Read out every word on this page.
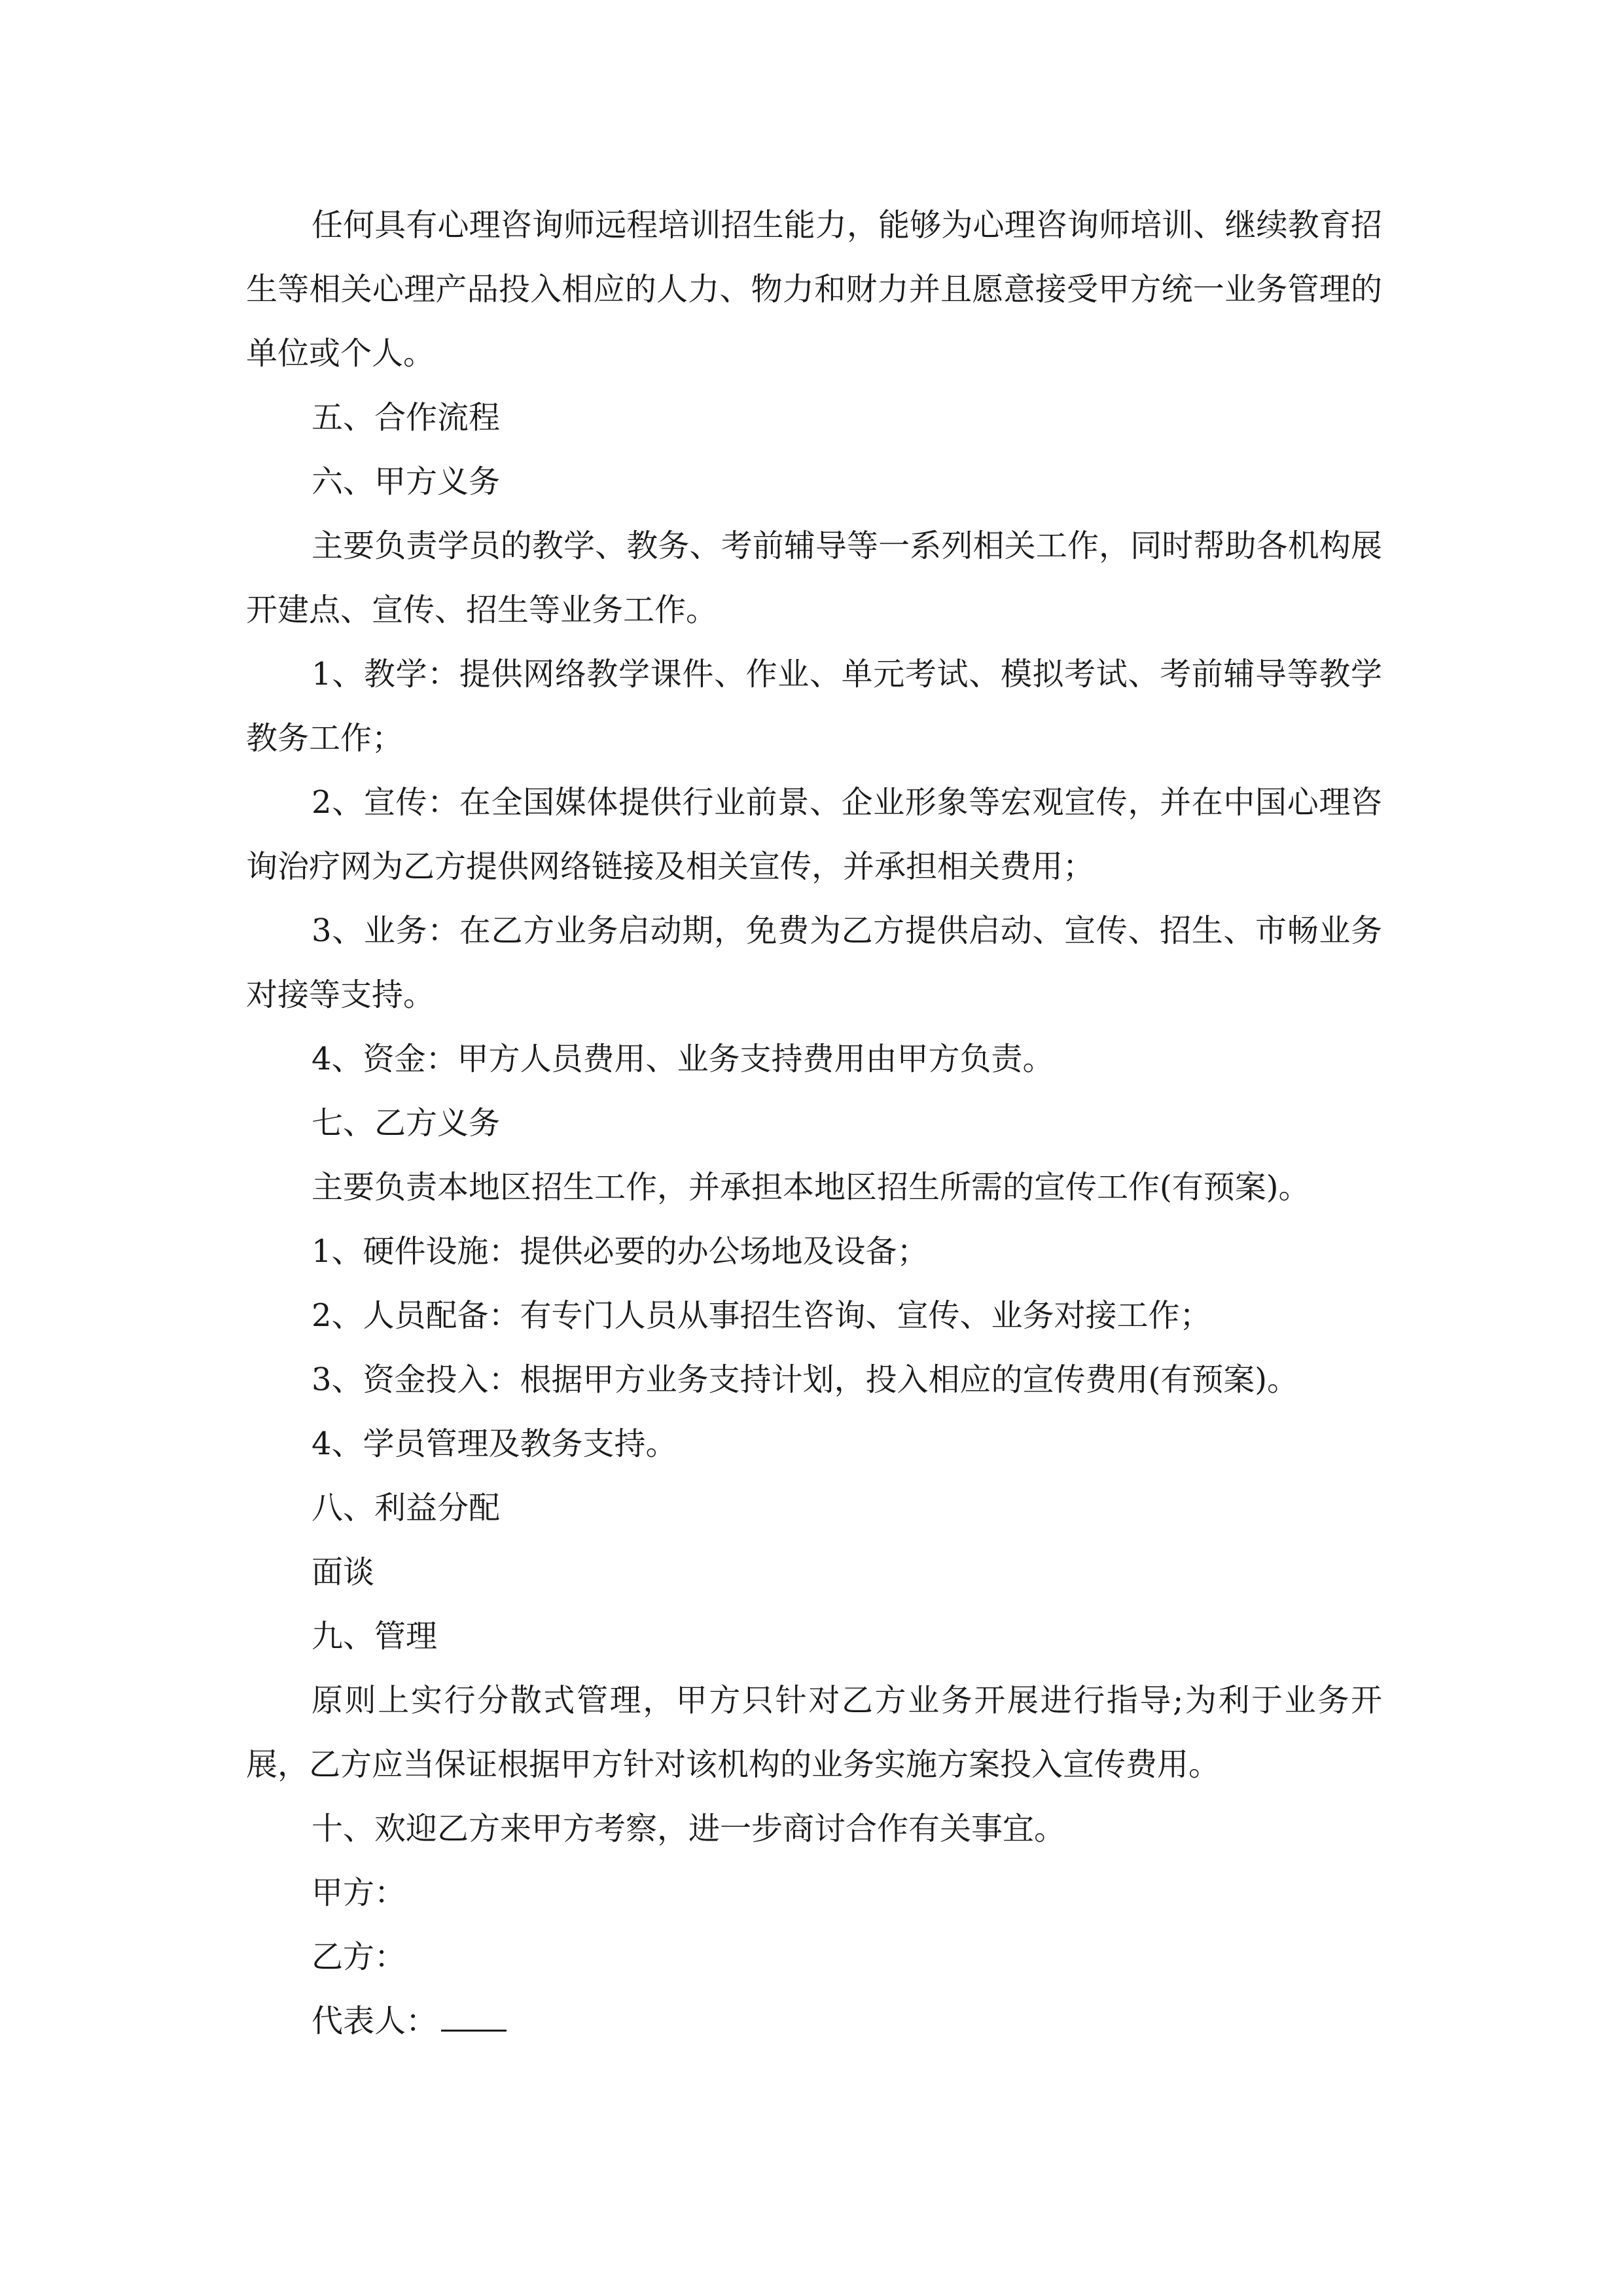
任何具有心理咨询师远程培训招生能力，能够为心理咨询师培训、继续教育招生等相关心理产品投入相应的人力、物力和财力并且愿意接受甲方统一业务管理的单位或个人。

五、合作流程

六、甲方义务

主要负责学员的教学、教务、考前辅导等一系列相关工作，同时帮助各机构展开建点、宣传、招生等业务工作。

1、教学：提供网络教学课件、作业、单元考试、模拟考试、考前辅导等教学教务工作；

2、宣传：在全国媒体提供行业前景、企业形象等宏观宣传，并在中国心理咨询治疗网为乙方提供网络链接及相关宣传，并承担相关费用；

3、业务：在乙方业务启动期，免费为乙方提供启动、宣传、招生、市畅业务对接等支持。

4、资金：甲方人员费用、业务支持费用由甲方负责。

七、乙方义务

主要负责本地区招生工作，并承担本地区招生所需的宣传工作(有预案)。

1、硬件设施：提供必要的办公场地及设备；

2、人员配备：有专门人员从事招生咨询、宣传、业务对接工作；

3、资金投入：根据甲方业务支持计划，投入相应的宣传费用(有预案)。

4、学员管理及教务支持。

八、利益分配

面谈

九、管理

原则上实行分散式管理，甲方只针对乙方业务开展进行指导;为利于业务开展，乙方应当保证根据甲方针对该机构的业务实施方案投入宣传费用。

十、欢迎乙方来甲方考察，进一步商讨合作有关事宜。

甲方：

乙方：

代表人：
